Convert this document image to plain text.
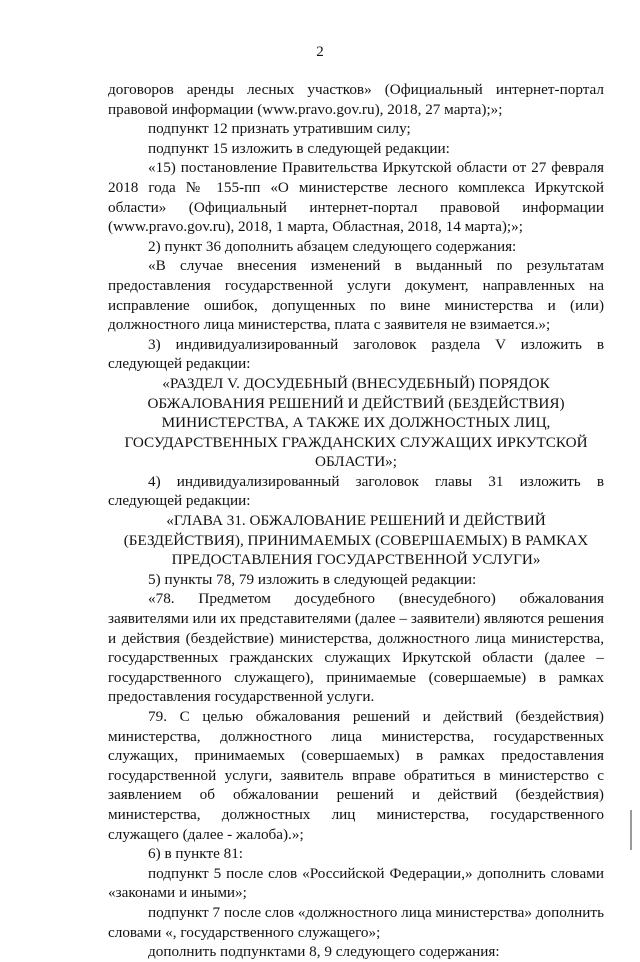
2

договоров аренды лесных участков» (Официальный интернет-портал правовой информации (www.pravo.gov.ru), 2018, 27 марта);»;

подпункт 12 признать утратившим силу;

подпункт 15 изложить в следующей редакции:

«15) постановление Правительства Иркутской области от 27 февраля 2018 года № 155-пп «О министерстве лесного комплекса Иркутской области» (Официальный интернет-портал правовой информации (www.pravo.gov.ru), 2018, 1 марта, Областная, 2018, 14 марта);»;

2) пункт 36 дополнить абзацем следующего содержания:

«В случае внесения изменений в выданный по результатам предоставления государственной услуги документ, направленных на исправление ошибок, допущенных по вине министерства и (или) должностного лица министерства, плата с заявителя не взимается.»;

3) индивидуализированный заголовок раздела V изложить в следующей редакции:

«РАЗДЕЛ V. ДОСУДЕБНЫЙ (ВНЕСУДЕБНЫЙ) ПОРЯДОК ОБЖАЛОВАНИЯ РЕШЕНИЙ И ДЕЙСТВИЙ (БЕЗДЕЙСТВИЯ) МИНИСТЕРСТВА, А ТАКЖЕ ИХ ДОЛЖНОСТНЫХ ЛИЦ, ГОСУДАРСТВЕННЫХ ГРАЖДАНСКИХ СЛУЖАЩИХ ИРКУТСКОЙ ОБЛАСТИ»;

4) индивидуализированный заголовок главы 31 изложить в следующей редакции:

«ГЛАВА 31. ОБЖАЛОВАНИЕ РЕШЕНИЙ И ДЕЙСТВИЙ (БЕЗДЕЙСТВИЯ), ПРИНИМАЕМЫХ (СОВЕРШАЕМЫХ) В РАМКАХ ПРЕДОСТАВЛЕНИЯ ГОСУДАРСТВЕННОЙ УСЛУГИ»

5) пункты 78, 79 изложить в следующей редакции:

«78. Предметом досудебного (внесудебного) обжалования заявителями или их представителями (далее – заявители) являются решения и действия (бездействие) министерства, должностного лица министерства, государственных гражданских служащих Иркутской области (далее – государственного служащего), принимаемые (совершаемые) в рамках предоставления государственной услуги.

79. С целью обжалования решений и действий (бездействия) министерства, должностного лица министерства, государственных служащих, принимаемых (совершаемых) в рамках предоставления государственной услуги, заявитель вправе обратиться в министерство с заявлением об обжаловании решений и действий (бездействия) министерства, должностных лиц министерства, государственного служащего (далее - жалоба).»;

6) в пункте 81:

подпункт 5 после слов «Российской Федерации,» дополнить словами «законами и иными»;

подпункт 7 после слов «должностного лица министерства» дополнить словами «, государственного служащего»;

дополнить подпунктами 8, 9 следующего содержания:
